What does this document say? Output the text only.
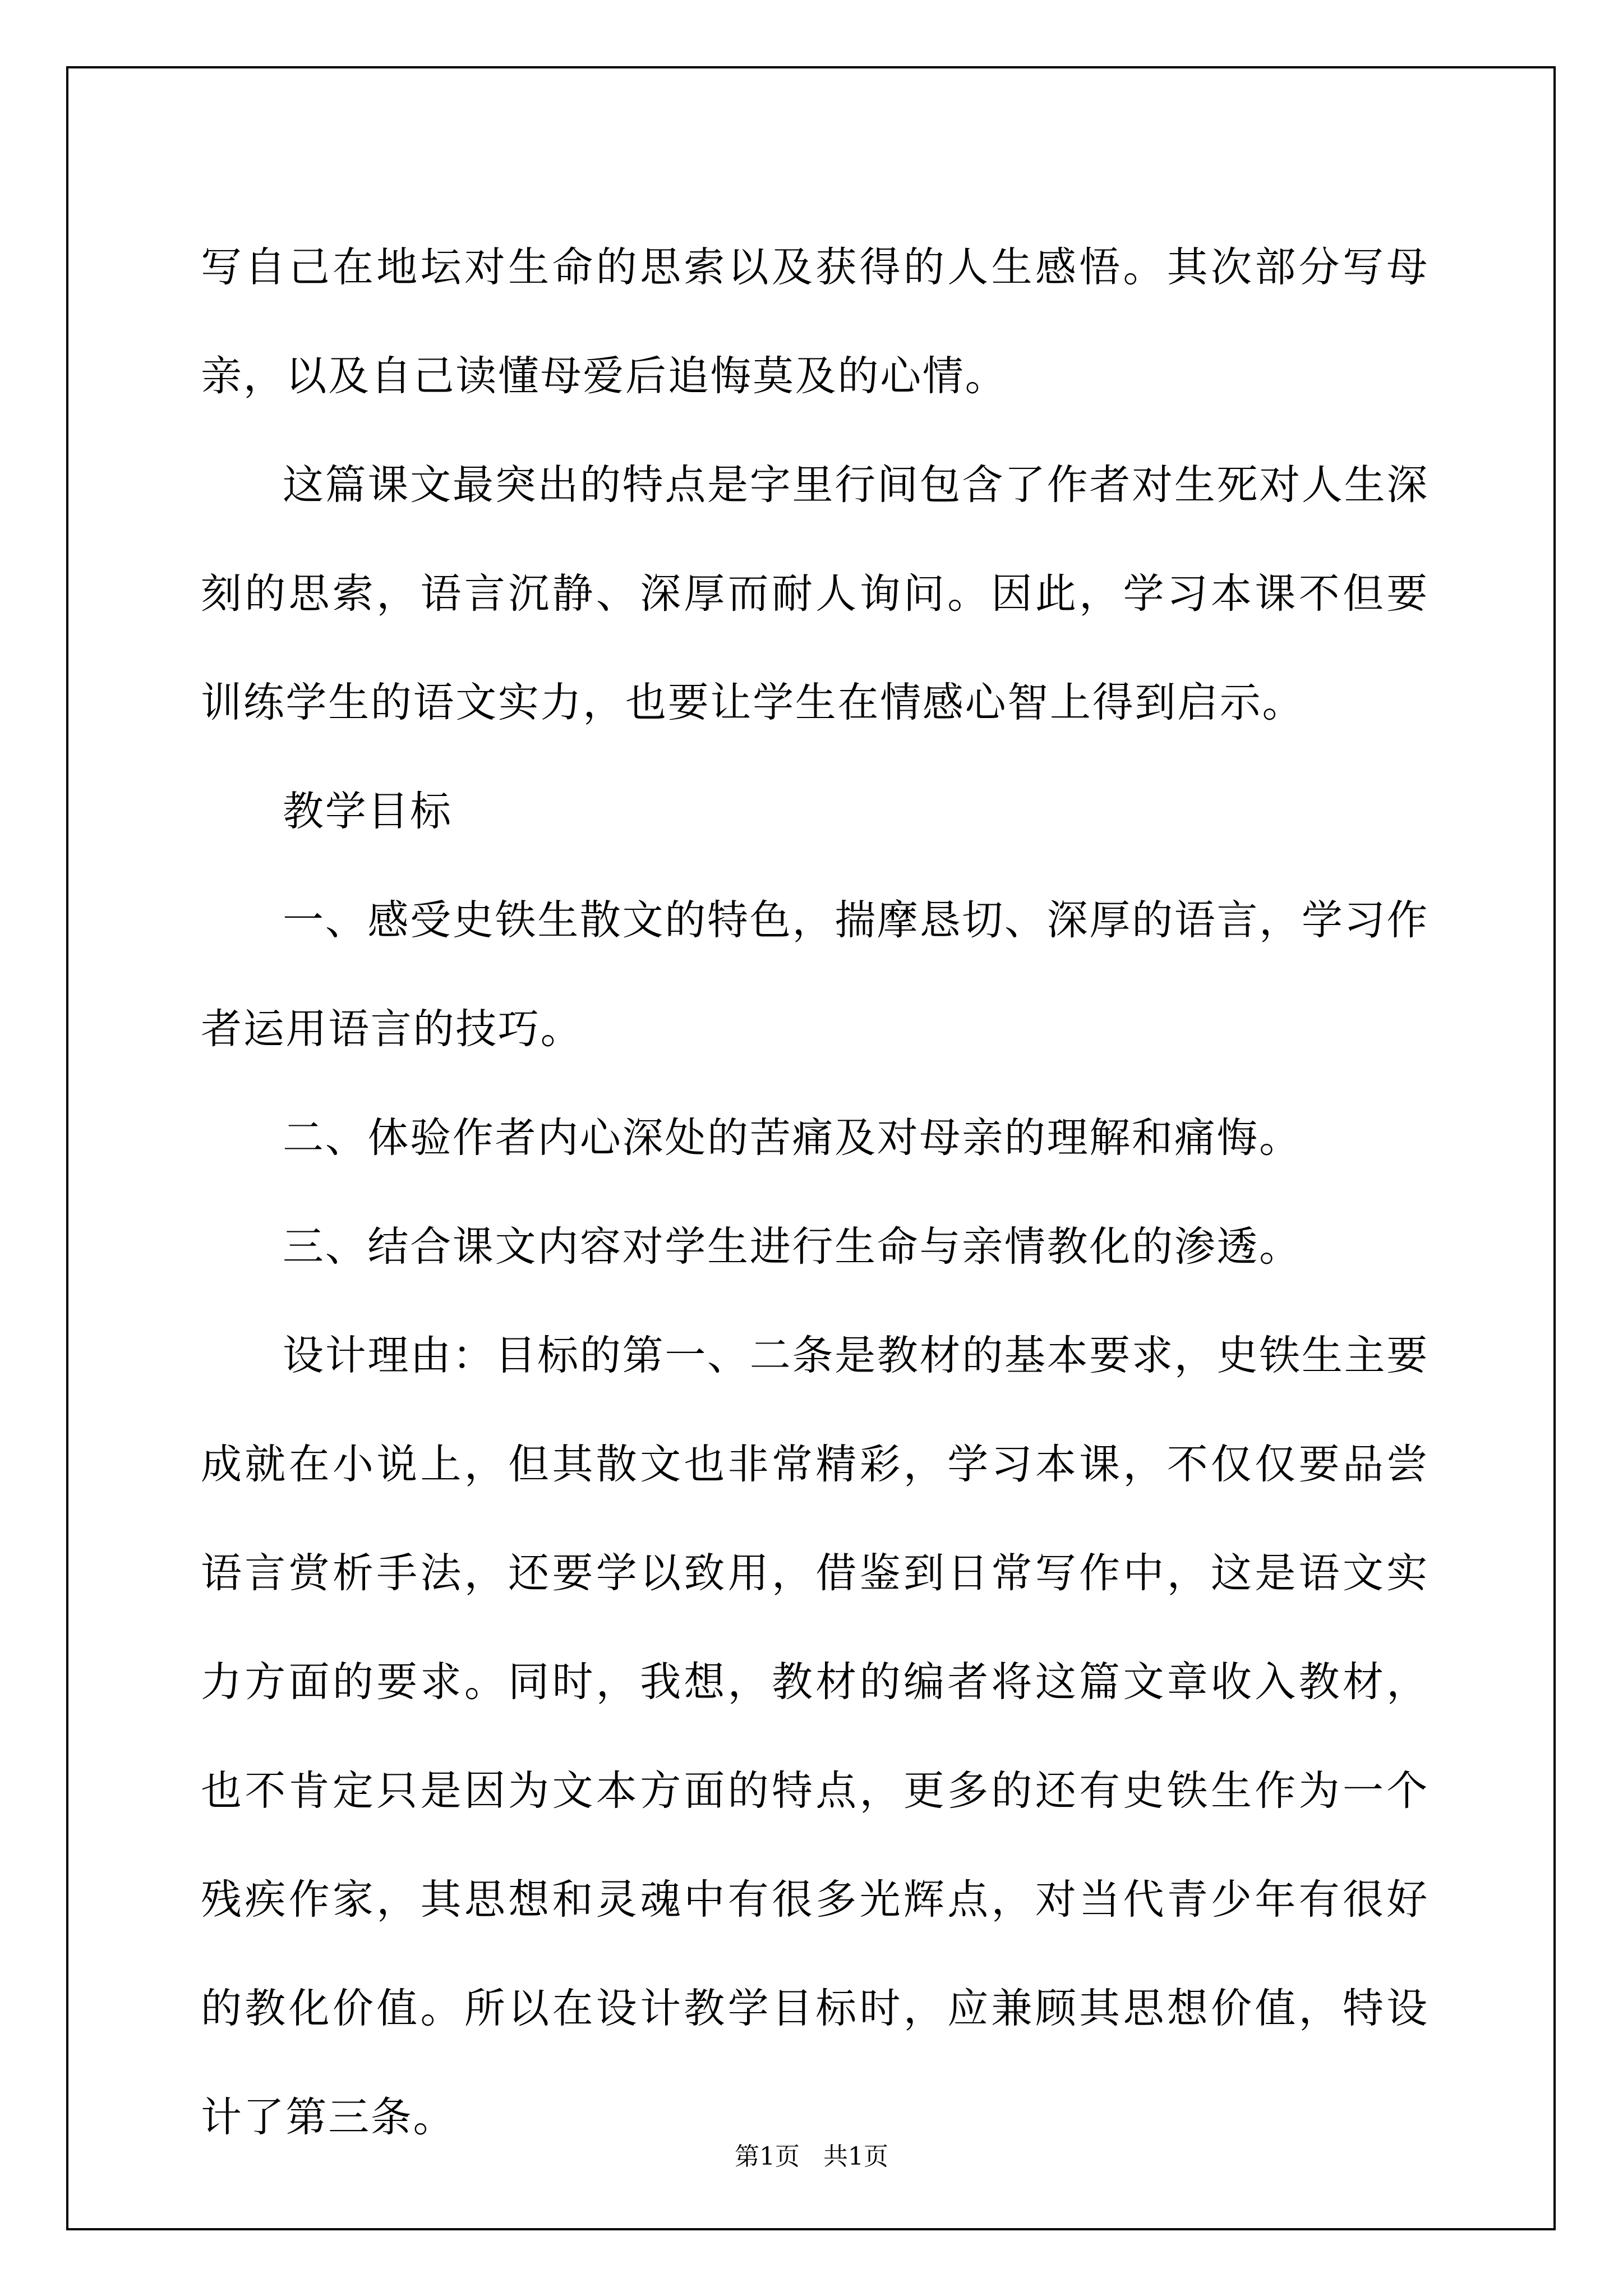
写自己在地坛对生命的思索以及获得的人生感悟。其次部分写母亲，以及自己读懂母爱后追悔莫及的心情。

这篇课文最突出的特点是字里行间包含了作者对生死对人生深刻的思索，语言沉静、深厚而耐人询问。因此，学习本课不但要训练学生的语文实力，也要让学生在情感心智上得到启示。

教学目标

一、感受史铁生散文的特色，揣摩恳切、深厚的语言，学习作者运用语言的技巧。

二、体验作者内心深处的苦痛及对母亲的理解和痛悔。

三、结合课文内容对学生进行生命与亲情教化的渗透。

设计理由：目标的第一、二条是教材的基本要求，史铁生主要成就在小说上，但其散文也非常精彩，学习本课，不仅仅要品尝语言赏析手法，还要学以致用，借鉴到日常写作中，这是语文实力方面的要求。同时，我想，教材的编者将这篇文章收入教材，也不肯定只是因为文本方面的特点，更多的还有史铁生作为一个残疾作家，其思想和灵魂中有很多光辉点，对当代青少年有很好的教化价值。所以在设计教学目标时，应兼顾其思想价值，特设计了第三条。

第1页   共1页
